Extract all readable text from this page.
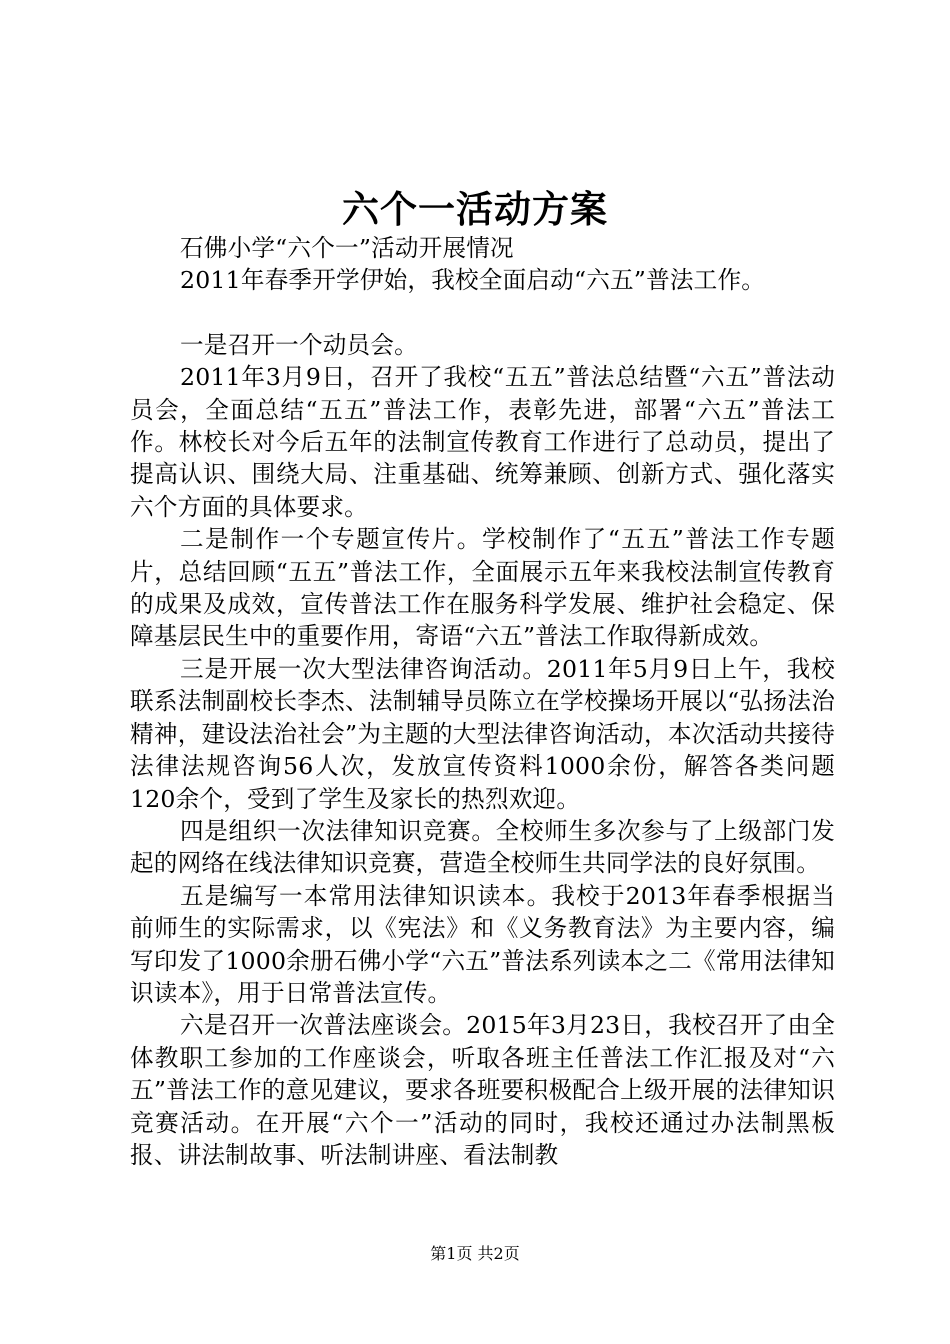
六个一活动方案

石佛小学“六个一”活动开展情况

2011年春季开学伊始，我校全面启动“六五”普法工作。

一是召开一个动员会。

2011年3月9日，召开了我校“五五”普法总结暨“六五”普法动员会，全面总结“五五”普法工作，表彰先进，部署“六五”普法工作。林校长对今后五年的法制宣传教育工作进行了总动员，提出了提高认识、围绕大局、注重基础、统筹兼顾、创新方式、强化落实六个方面的具体要求。

二是制作一个专题宣传片。学校制作了“五五”普法工作专题片，总结回顾“五五”普法工作，全面展示五年来我校法制宣传教育的成果及成效，宣传普法工作在服务科学发展、维护社会稳定、保障基层民生中的重要作用，寄语“六五”普法工作取得新成效。

三是开展一次大型法律咨询活动。2011年5月9日上午，我校联系法制副校长李杰、法制辅导员陈立在学校操场开展以“弘扬法治精神，建设法治社会”为主题的大型法律咨询活动，本次活动共接待法律法规咨询56人次，发放宣传资料1000余份，解答各类问题120余个，受到了学生及家长的热烈欢迎。

四是组织一次法律知识竞赛。全校师生多次参与了上级部门发起的网络在线法律知识竞赛，营造全校师生共同学法的良好氛围。

五是编写一本常用法律知识读本。我校于2013年春季根据当前师生的实际需求，以《宪法》和《义务教育法》为主要内容，编写印发了1000余册石佛小学“六五”普法系列读本之二《常用法律知识读本》，用于日常普法宣传。

六是召开一次普法座谈会。2015年3月23日，我校召开了由全体教职工参加的工作座谈会，听取各班主任普法工作汇报及对“六五”普法工作的意见建议，要求各班要积极配合上级开展的法律知识竞赛活动。在开展“六个一”活动的同时，我校还通过办法制黑板报、讲法制故事、听法制讲座、看法制教

第1页 共2页
